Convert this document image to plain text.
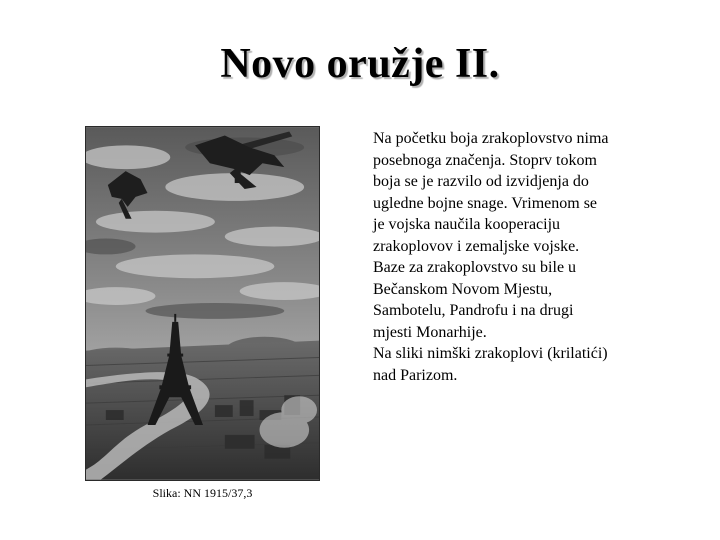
Novo oružje II.
Slika: NN 1915/37,3

Na početku boja zrakoplovstvo nima
posebnoga značenja. Stoprv tokom
boja se je razvilo od izvidjenja do
ugledne bojne snage. Vrimenom se
je vojska naučila kooperaciju
zrakoplovov i zemaljske vojske.

Baze za zrakoplovstvo su bile u
Bečanskom Novom Mjestu,
Sambotelu, Pandrofu i na drugi
mjesti Monarhije.

Na sliki nimški zrakoplovi (krilatići)
nad Parizom.
